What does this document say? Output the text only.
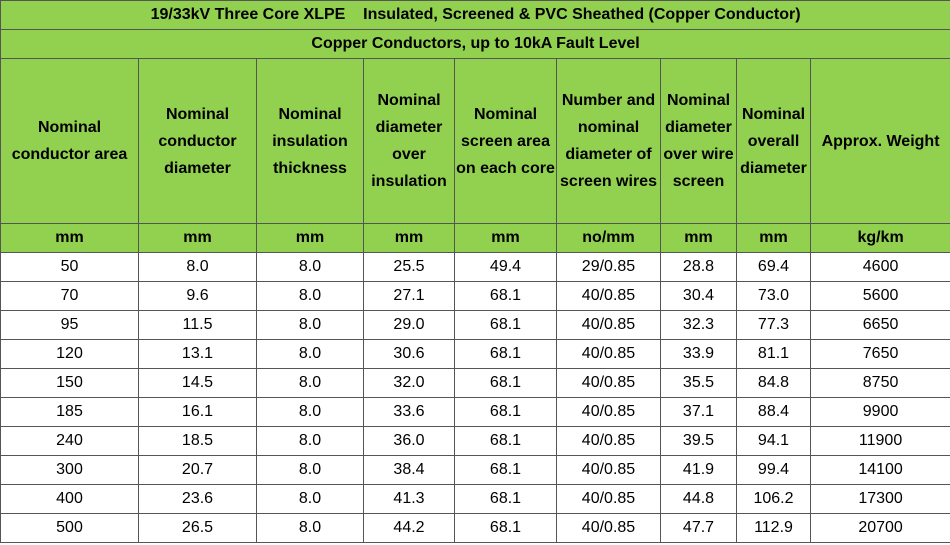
19/33kV Three Core XLPE    Insulated, Screened & PVC Sheathed (Copper Conductor)								
Copper Conductors, up to 10kA Fault Level								
Nominal conductor area	Nominal conductor diameter	Nominal insulation thickness	Nominal diameter over insulation	Nominal screen area on each core	Number and nominal diameter of screen wires	Nominal diameter over wire screen	Nominal overall diameter	Approx. Weight
mm	mm	mm	mm	mm	no/mm	mm	mm	kg/km
50	8.0	8.0	25.5	49.4	29/0.85	28.8	69.4	4600
70	9.6	8.0	27.1	68.1	40/0.85	30.4	73.0	5600
95	11.5	8.0	29.0	68.1	40/0.85	32.3	77.3	6650
120	13.1	8.0	30.6	68.1	40/0.85	33.9	81.1	7650
150	14.5	8.0	32.0	68.1	40/0.85	35.5	84.8	8750
185	16.1	8.0	33.6	68.1	40/0.85	37.1	88.4	9900
240	18.5	8.0	36.0	68.1	40/0.85	39.5	94.1	11900
300	20.7	8.0	38.4	68.1	40/0.85	41.9	99.4	14100
400	23.6	8.0	41.3	68.1	40/0.85	44.8	106.2	17300
500	26.5	8.0	44.2	68.1	40/0.85	47.7	112.9	20700
